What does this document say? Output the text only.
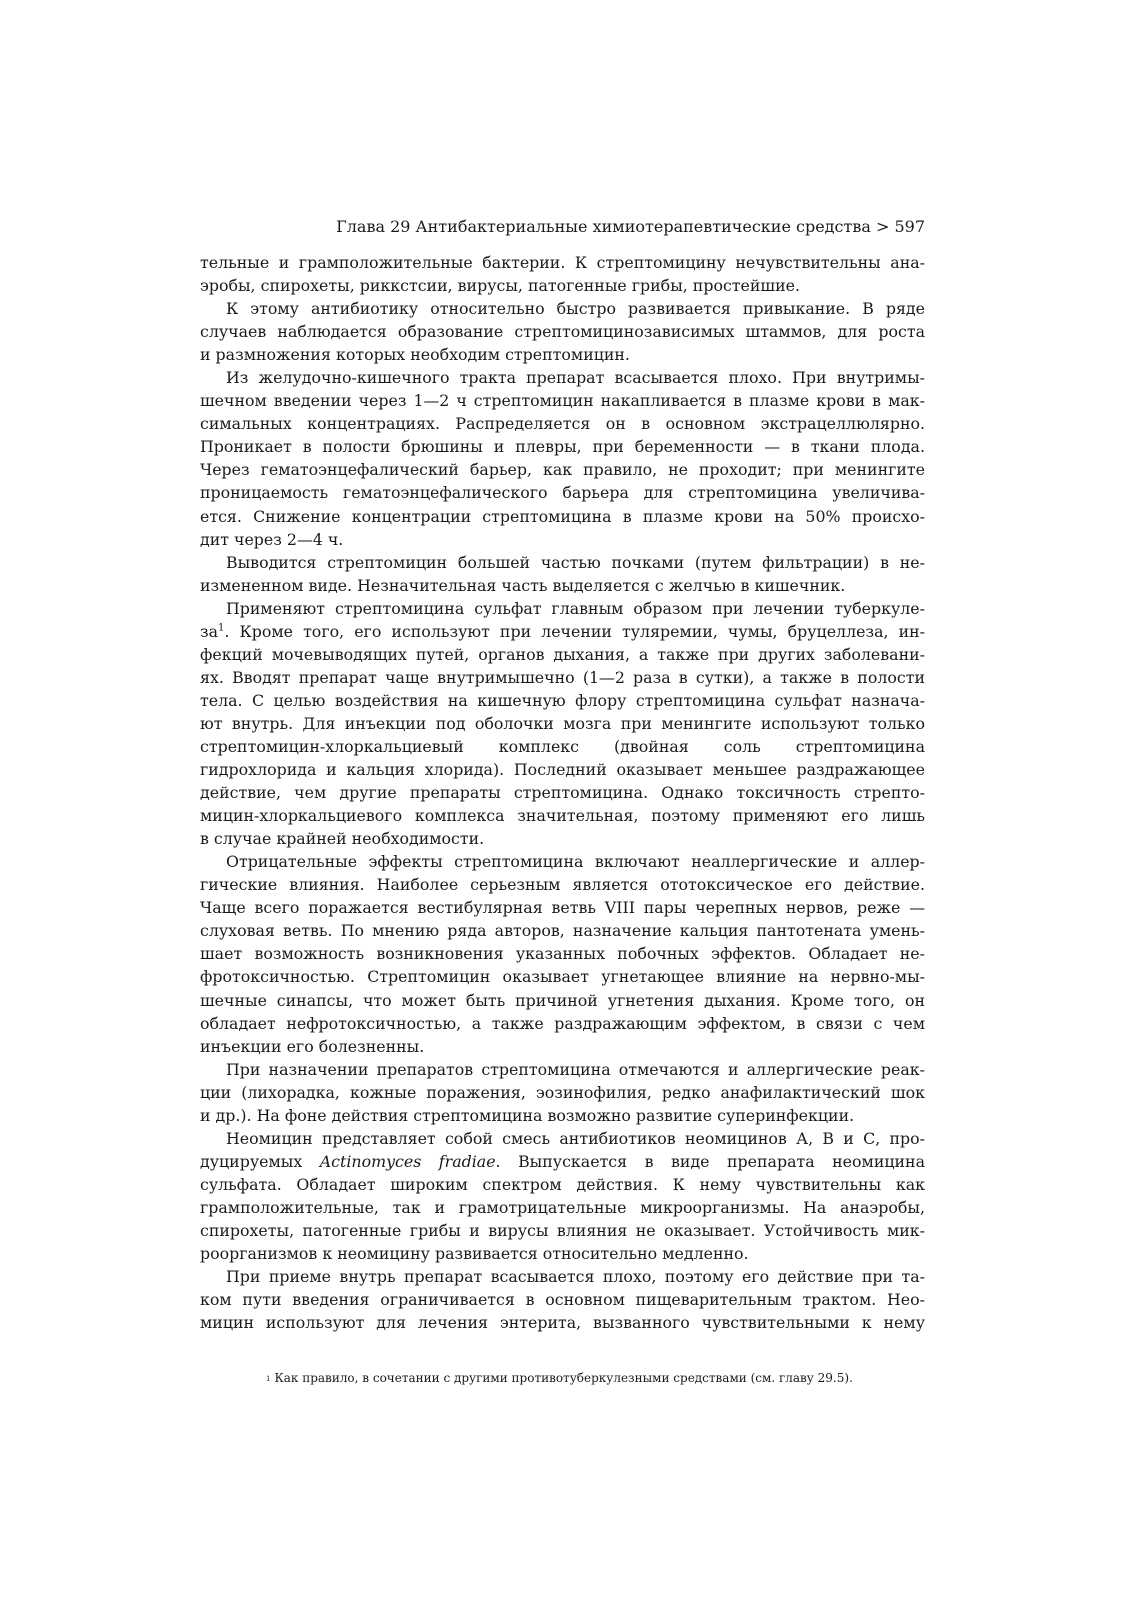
Глава 29 Антибактериальные химиотерапевтические средства > 597

тельные и грамположительные бактерии. К стрептомицину нечувствительны ана-
эробы, спирохеты, риккстсии, вирусы, патогенные грибы, простейшие.

К этому антибиотику относительно быстро развивается привыкание. В ряде
случаев наблюдается образование стрептомицинозависимых штаммов, для роста
и размножения которых необходим стрептомицин.

Из желудочно-кишечного тракта препарат всасывается плохо. При внутримы-
шечном введении через 1—2 ч стрептомицин накапливается в плазме крови в мак-
симальных концентрациях. Распределяется он в основном экстрацеллюлярно.
Проникает в полости брюшины и плевры, при беременности — в ткани плода.
Через гематоэнцефалический барьер, как правило, не проходит; при менингите
проницаемость гематоэнцефалического барьера для стрептомицина увеличива-
ется. Снижение концентрации стрептомицина в плазме крови на 50% происхо-
дит через 2—4 ч.

Выводится стрептомицин большей частью почками (путем фильтрации) в не-
измененном виде. Незначительная часть выделяется с желчью в кишечник.

Применяют стрептомицина сульфат главным образом при лечении туберкуле-
$за^1$. Кроме того, его используют при лечении туляремии, чумы, бруцеллеза, ин-
фекций мочевыводящих путей, органов дыхания, а также при других заболевани-
ях. Вводят препарат чаще внутримышечно (1—2 раза в сутки), а также в полости
тела. С целью воздействия на кишечную флору стрептомицина сульфат назнача-
ют внутрь. Для инъекции под оболочки мозга при менингите используют только
стрептомицин-хлоркальциевый комплекс (двойная соль стрептомицина
гидрохлорида и кальция хлорида). Последний оказывает меньшее раздражающее
действие, чем другие препараты стрептомицина. Однако токсичность стрепто-
мицин-хлоркальциевого комплекса значительная, поэтому применяют его лишь
в случае крайней необходимости.

Отрицательные эффекты стрептомицина включают неаллергические и аллер-
гические влияния. Наиболее серьезным является ототоксическое его действие.
Чаще всего поражается вестибулярная ветвь VIII пары черепных нервов, реже —
слуховая ветвь. По мнению ряда авторов, назначение кальция пантотената умень-
шает возможность возникновения указанных побочных эффектов. Обладает не-
фротоксичностью. Стрептомицин оказывает угнетающее влияние на нервно-мы-
шечные синапсы, что может быть причиной угнетения дыхания. Кроме того, он
обладает нефротоксичностью, а также раздражающим эффектом, в связи с чем
инъекции его болезненны.

При назначении препаратов стрептомицина отмечаются и аллергические реак-
ции (лихорадка, кожные поражения, эозинофилия, редко анафилактический шок
и др.). На фоне действия стрептомицина возможно развитие суперинфекции.

Неомицин представляет собой смесь антибиотиков неомицинов А, В и С, про-
дуцируемых Actinomyces fradiae. Выпускается в виде препарата неомицина
сульфата. Обладает широким спектром действия. К нему чувствительны как
грамположительные, так и грамотрицательные микроорганизмы. На анаэробы,
спирохеты, патогенные грибы и вирусы влияния не оказывает. Устойчивость мик-
роорганизмов к неомицину развивается относительно медленно.

При приеме внутрь препарат всасывается плохо, поэтому его действие при та-
ком пути введения ограничивается в основном пищеварительным трактом. Нео-
мицин используют для лечения энтерита, вызванного чувствительными к нему

1 Как правило, в сочетании с другими противотуберкулезными средствами (см. главу 29.5).
